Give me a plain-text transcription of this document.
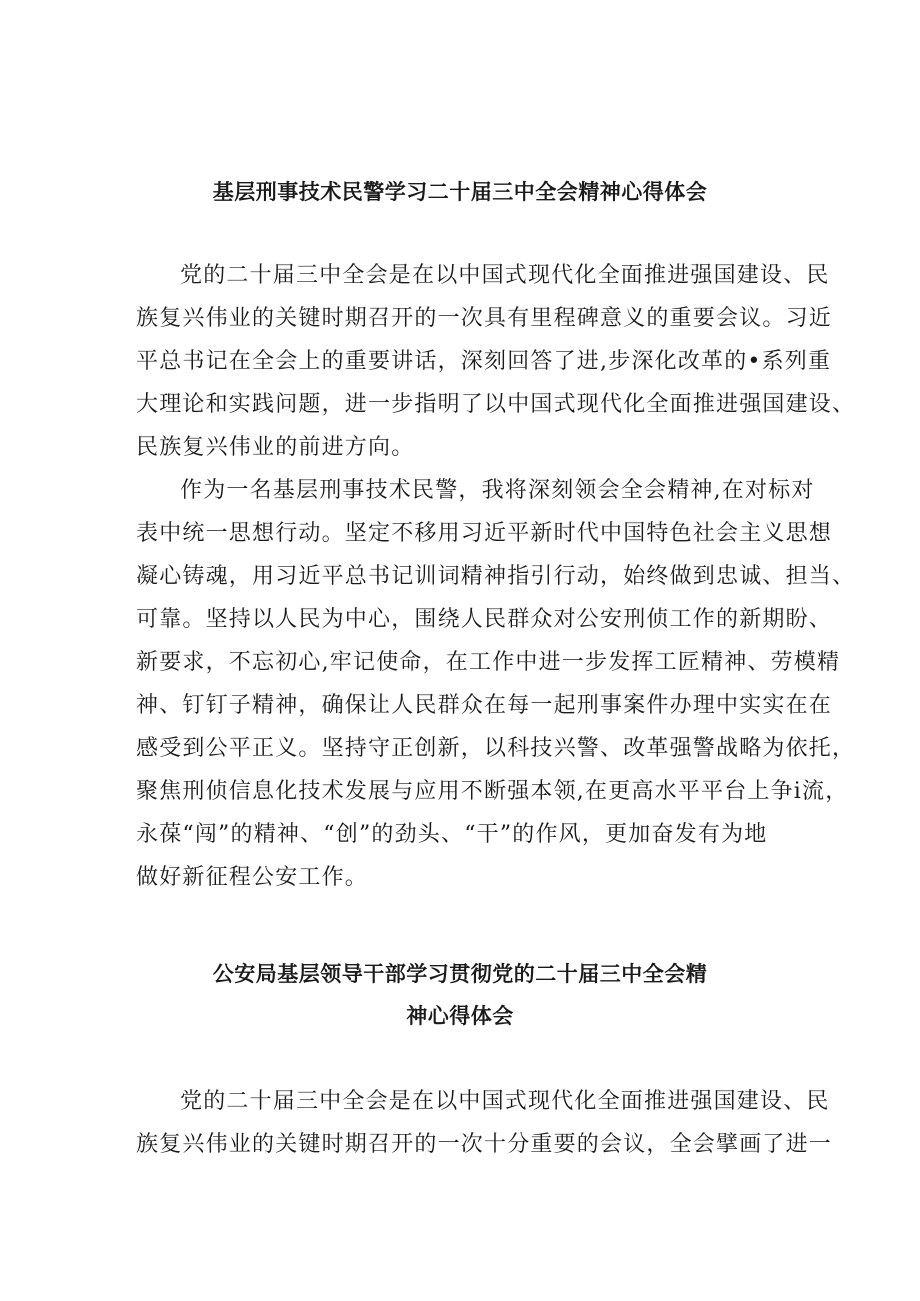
基层刑事技术民警学习二十届三中全会精神心得体会

党的二十届三中全会是在以中国式现代化全面推进强国建设、民

族复兴伟业的关键时期召开的一次具有里程碑意义的重要会议。习近

平总书记在全会上的重要讲话，深刻回答了进,步深化改革的•系列重

大理论和实践问题，进一步指明了以中国式现代化全面推进强国建设、

民族复兴伟业的前进方向。

作为一名基层刑事技术民警，我将深刻领会全会精神,在对标对

表中统一思想行动。坚定不移用习近平新时代中国特色社会主义思想

凝心铸魂，用习近平总书记训词精神指引行动，始终做到忠诚、担当、

可靠。坚持以人民为中心，围绕人民群众对公安刑侦工作的新期盼、

新要求，不忘初心,牢记使命，在工作中进一步发挥工匠精神、劳模精

神、钉钉子精神，确保让人民群众在每一起刑事案件办理中实实在在

感受到公平正义。坚持守正创新，以科技兴警、改革强警战略为依托，

聚焦刑侦信息化技术发展与应用不断强本领,在更高水平平台上争i流，

永葆“闯”的精神、“创”的劲头、“干”的作风，更加奋发有为地

做好新征程公安工作。

公安局基层领导干部学习贯彻党的二十届三中全会精
神心得体会

党的二十届三中全会是在以中国式现代化全面推进强国建设、民

族复兴伟业的关键时期召开的一次十分重要的会议，全会擘画了进一
